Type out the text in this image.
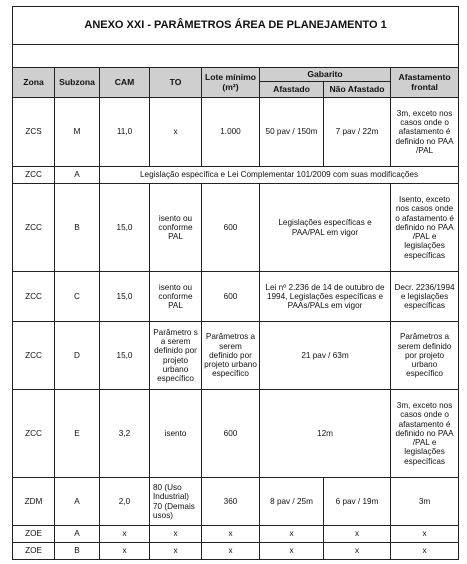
ANEXO XXI - PARÂMETROS ÁREA DE PLANEJAMENTO 1							

Zona	Subzona	CAM	TO	Lote mínimo (m²)	Gabarito		Afastamento frontal
					Afastado	Não Afastado	
ZCS	M	11,0	x	1.000	50 pav / 150m	7 pav / 22m	3m, exceto nos casos onde o afastamento é definido no PAA /PAL
ZCC	A	Legislação específica e Lei Complementar 101/2009 com suas modificações					
ZCC	B	15,0	isento ou conforme PAL	600	Legislações específicas e PAA/PAL em vigor		Isento, exceto nos casos onde o afastamento é definido no PAA /PAL e legislações específicas
ZCC	C	15,0	isento ou conforme PAL	600	Lei nº 2.236 de 14 de outubro de 1994, Legislações específicas e PAAs/PALs em vigor		Decr. 2236/1994 e legislações específicas
ZCC	D	15,0	Parâmetro s a serem definido por projeto urbano específico	Parâmetros a serem definido por projeto urbano específico	21 pav / 63m		Parâmetros a serem definido por projeto urbano específico
ZCC	E	3,2	isento	600	12m		3m, exceto nos casos onde o afastamento é definido no PAA /PAL e legislações específicas
ZDM	A	2,0	80 (Uso Industrial) 70 (Demais usos)	360	8 pav / 25m	6 pav / 19m	3m
ZOE	A	x	x	x	x	x	x
ZOE	B	x	x	x	x	x	x
